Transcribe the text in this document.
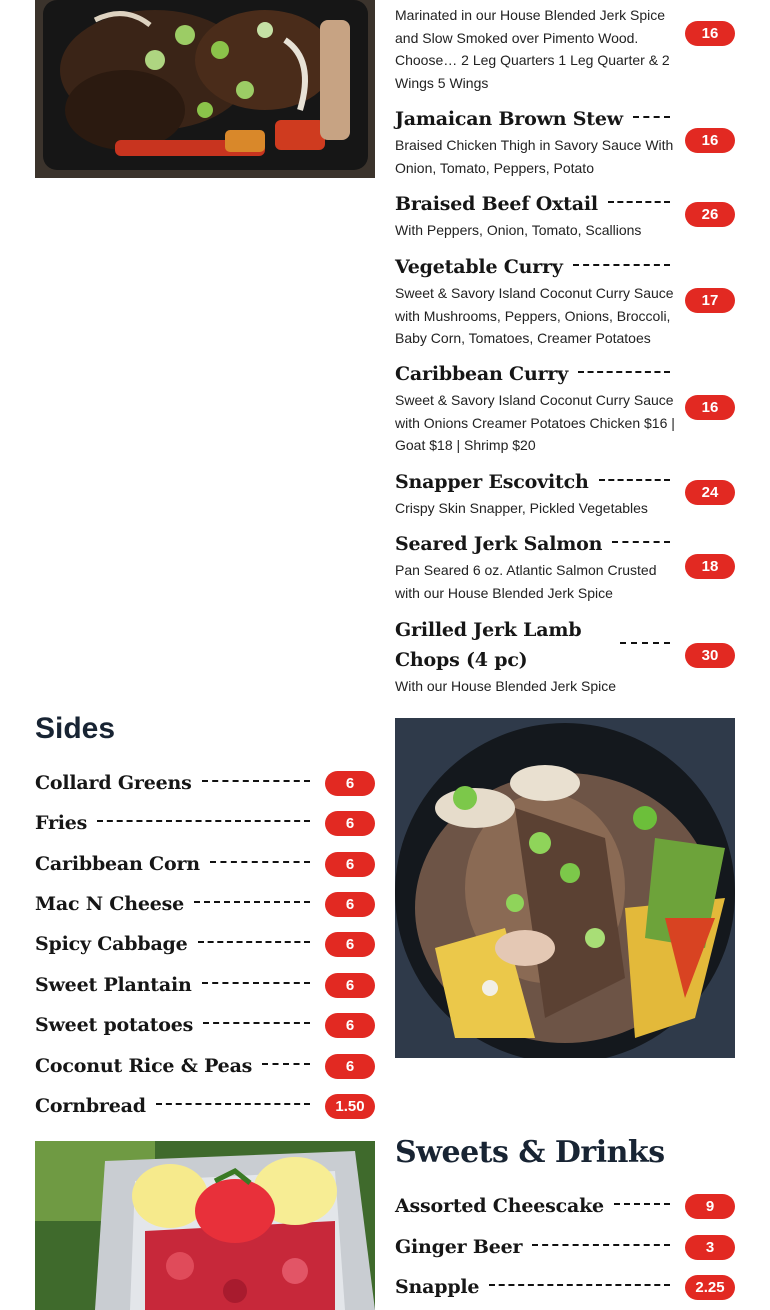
Marinated in our House Blended Jerk Spice and Slow Smoked over Pimento Wood. Choose… 2 Leg Quarters 1 Leg Quarter & 2 Wings 5 Wings
16
Jamaican Brown Stew
Braised Chicken Thigh in Savory Sauce With Onion, Tomato, Peppers, Potato
16
Braised Beef Oxtail
With Peppers, Onion, Tomato, Scallions
26
Vegetable Curry
Sweet & Savory Island Coconut Curry Sauce with Mushrooms, Peppers, Onions, Broccoli, Baby Corn, Tomatoes, Creamer Potatoes
17
Caribbean Curry
Sweet & Savory Island Coconut Curry Sauce with Onions Creamer Potatoes Chicken $16 | Goat $18 | Shrimp $20
16
Snapper Escovitch
Crispy Skin Snapper, Pickled Vegetables
24
Seared Jerk Salmon
Pan Seared 6 oz. Atlantic Salmon Crusted with our House Blended Jerk Spice
18
Grilled Jerk Lamb Chops (4 pc)
With our House Blended Jerk Spice
30
Sides
Collard Greens	6
Fries	6
Caribbean Corn	6
Mac N Cheese	6
Spicy Cabbage	6
Sweet Plantain	6
Sweet potatoes	6
Coconut Rice & Peas	6
Cornbread	1.50
Sweets & Drinks
Assorted Cheescake	9
Ginger Beer	3
Snapple	2.25
